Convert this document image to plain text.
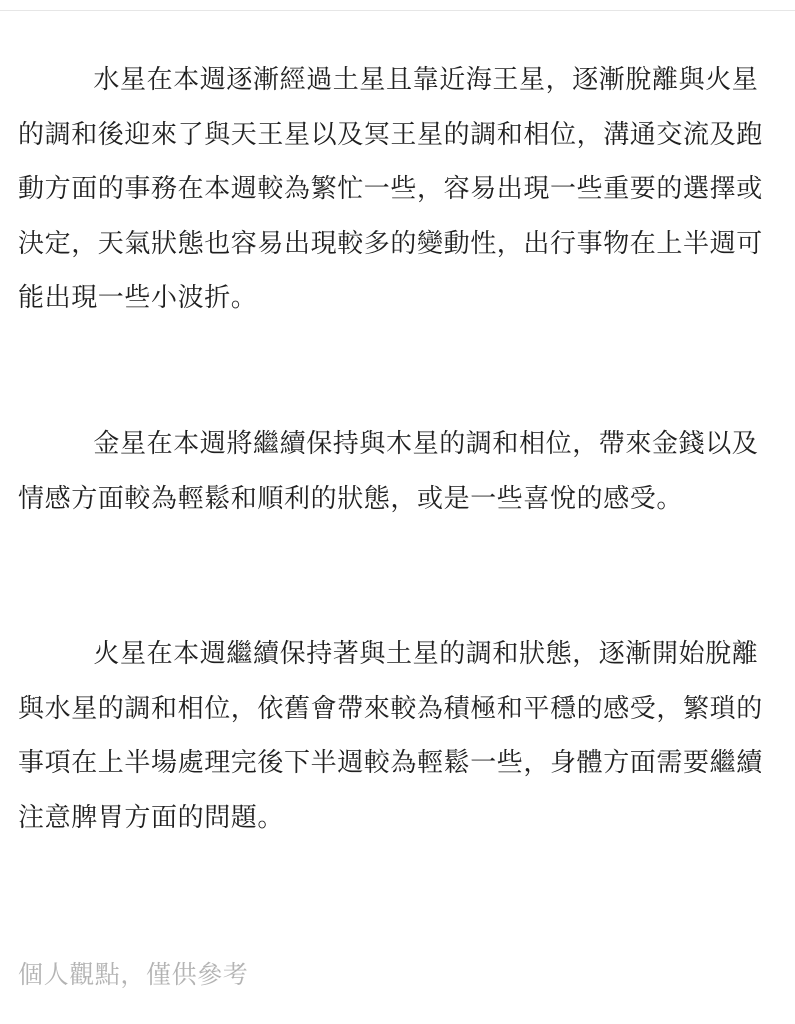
水星在本週逐漸經過土星且靠近海王星，逐漸脫離與火星的調和後迎來了與天王星以及冥王星的調和相位，溝通交流及跑動方面的事務在本週較為繁忙一些，容易出現一些重要的選擇或決定，天氣狀態也容易出現較多的變動性，出行事物在上半週可能出現一些小波折。

金星在本週將繼續保持與木星的調和相位，帶來金錢以及情感方面較為輕鬆和順利的狀態，或是一些喜悅的感受。

火星在本週繼續保持著與土星的調和狀態，逐漸開始脫離與水星的調和相位，依舊會帶來較為積極和平穩的感受，繁瑣的事項在上半場處理完後下半週較為輕鬆一些，身體方面需要繼續注意脾胃方面的問題。

個人觀點，僅供參考
